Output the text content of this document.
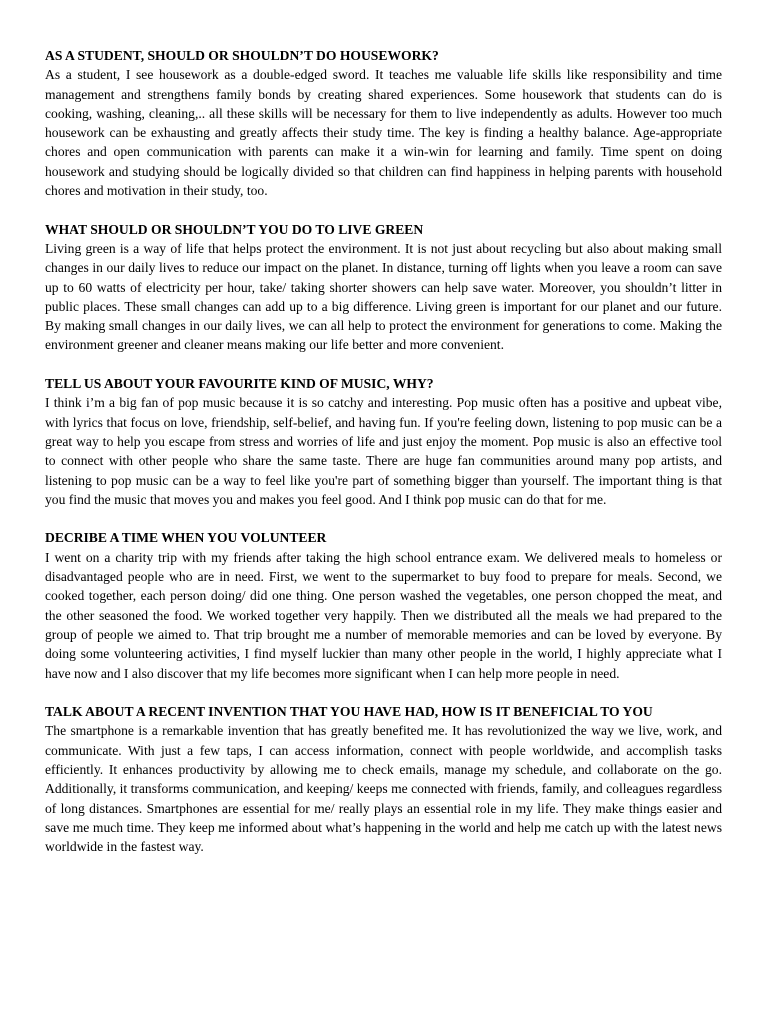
AS A STUDENT, SHOULD OR SHOULDN’T DO HOUSEWORK?

As a student, I see housework as a double-edged sword. It teaches me valuable life skills like responsibility and time management and strengthens family bonds by creating shared experiences. Some housework that students can do is cooking, washing, cleaning,.. all these skills will be necessary for them to live independently as adults. However too much housework can be exhausting and greatly affects their study time. The key is finding a healthy balance. Age-appropriate chores and open communication with parents can make it a win-win for learning and family. Time spent on doing housework and studying should be logically divided so that children can find happiness in helping parents with household chores and motivation in their study, too.

WHAT SHOULD OR SHOULDN’T YOU DO TO LIVE GREEN

Living green is a way of life that helps protect the environment. It is not just about recycling but also about making small changes in our daily lives to reduce our impact on the planet. In distance, turning off lights when you leave a room can save up to 60 watts of electricity per hour, take/ taking shorter showers can help save water. Moreover, you shouldn’t litter in public places. These small changes can add up to a big difference. Living green is important for our planet and our future. By making small changes in our daily lives, we can all help to protect the environment for generations to come. Making the environment greener and cleaner means making our life better and more convenient.

TELL US ABOUT YOUR FAVOURITE KIND OF MUSIC, WHY?

I think i’m a big fan of pop music because it is so catchy and interesting. Pop music often has a positive and upbeat vibe, with lyrics that focus on love, friendship, self-belief, and having fun. If you're feeling down, listening to pop music can be a great way to help you escape from stress and worries of life and just enjoy the moment. Pop music is also an effective tool to connect with other people who share the same taste. There are huge fan communities around many pop artists, and listening to pop music can be a way to feel like you're part of something bigger than yourself. The important thing is that you find the music that moves you and makes you feel good. And I think pop music can do that for me.

DECRIBE A TIME WHEN YOU VOLUNTEER

I went on a charity trip with my friends after taking the high school entrance exam. We delivered meals to homeless or disadvantaged people who are in need. First, we went to the supermarket to buy food to prepare for meals. Second, we cooked together, each person doing/ did one thing. One person washed the vegetables, one person chopped the meat, and the other seasoned the food. We worked together very happily. Then we distributed all the meals we had prepared to the group of people we aimed to. That trip brought me a number of memorable memories and can be loved by everyone. By doing some volunteering activities, I find myself luckier than many other people in the world, I highly appreciate what I have now and I also discover that my life becomes more significant when I can help more people in need.

TALK ABOUT A RECENT INVENTION THAT YOU HAVE HAD, HOW IS IT BENEFICIAL TO YOU

The smartphone is a remarkable invention that has greatly benefited me. It has revolutionized the way we live, work, and communicate. With just a few taps, I can access information, connect with people worldwide, and accomplish tasks efficiently. It enhances productivity by allowing me to check emails, manage my schedule, and collaborate on the go. Additionally, it transforms communication, and keeping/ keeps me connected with friends, family, and colleagues regardless of long distances. Smartphones are essential for me/ really plays an essential role in my life. They make things easier and save me much time. They keep me informed about what’s happening in the world and help me catch up with the latest news worldwide in the fastest way.
